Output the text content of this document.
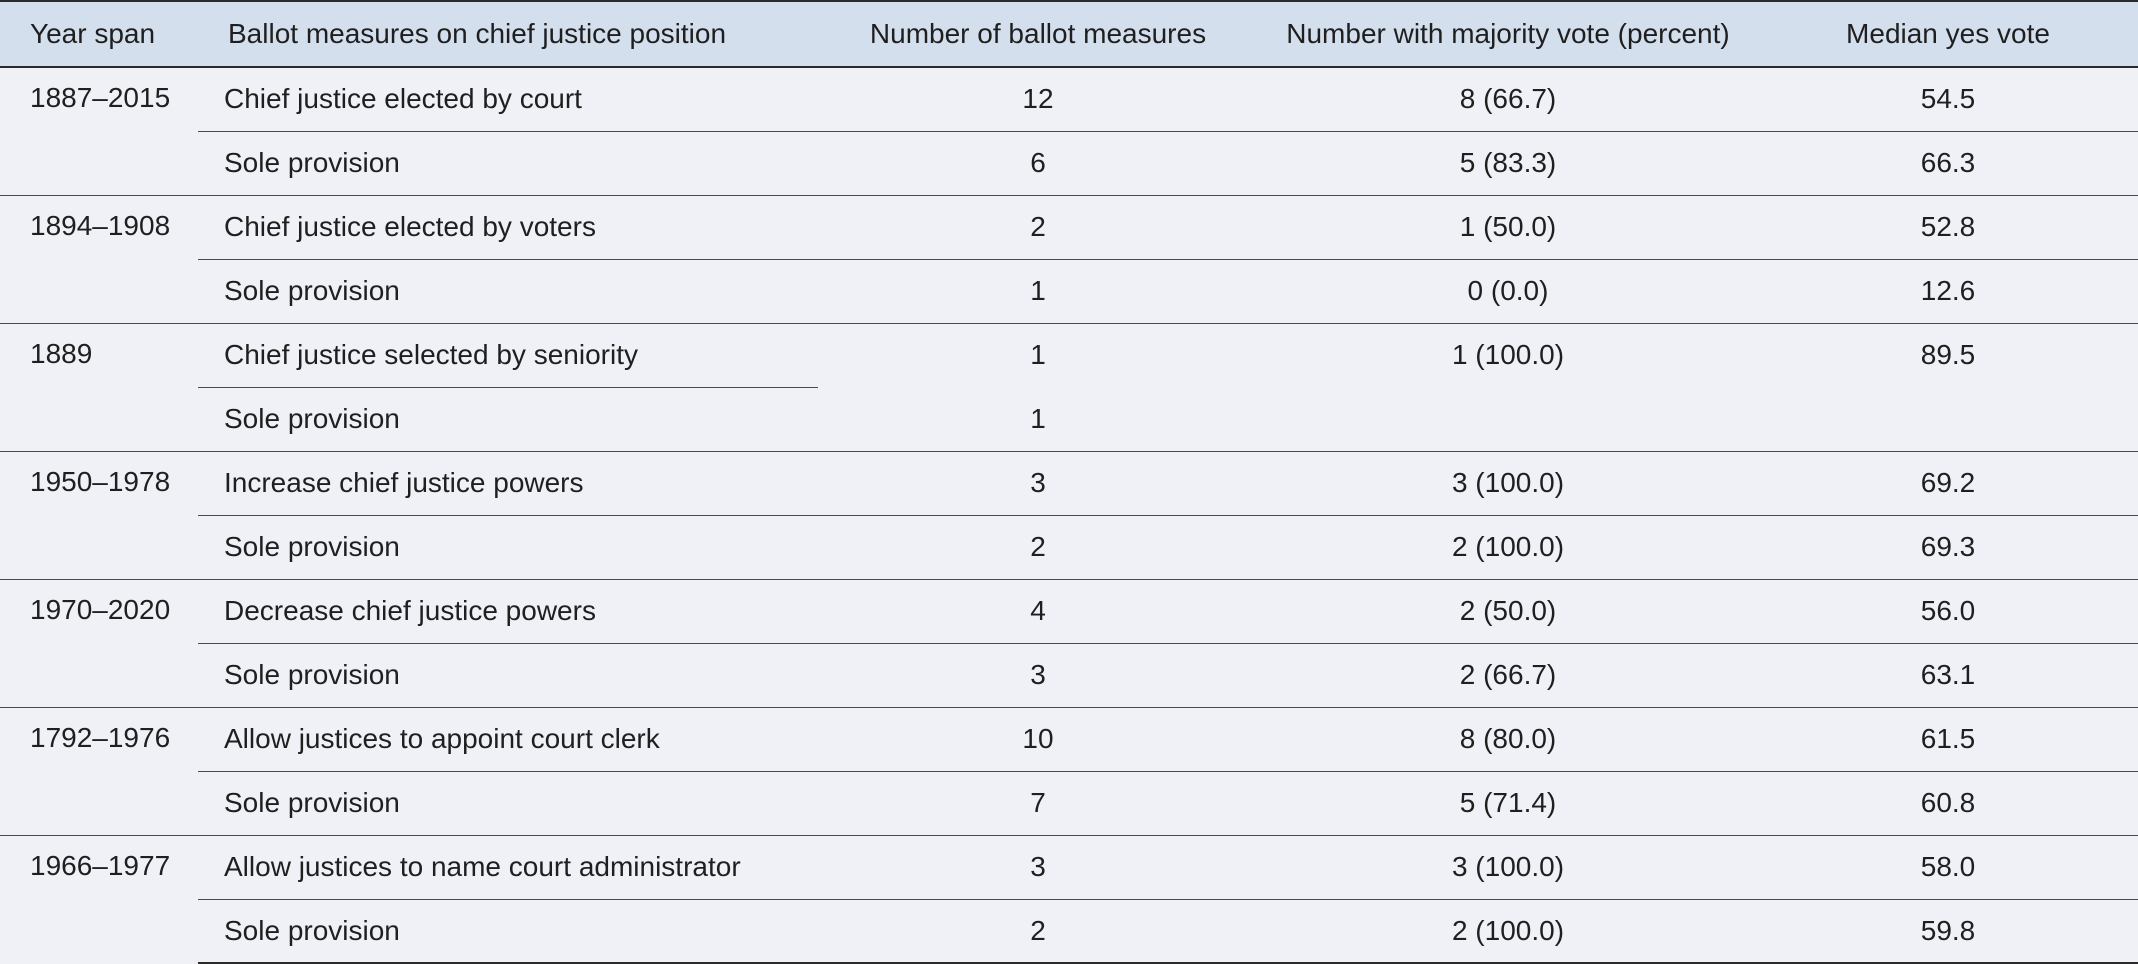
Year span	Ballot measures on chief justice position	Number of ballot measures	Number with majority vote (percent)	Median yes vote
1887–2015	Chief justice elected by court	12	8 (66.7)	54.5
	Sole provision	6	5 (83.3)	66.3
1894–1908	Chief justice elected by voters	2	1 (50.0)	52.8
	Sole provision	1	0 (0.0)	12.6
1889	Chief justice selected by seniority	1	1 (100.0)	89.5
	Sole provision	1		
1950–1978	Increase chief justice powers	3	3 (100.0)	69.2
	Sole provision	2	2 (100.0)	69.3
1970–2020	Decrease chief justice powers	4	2 (50.0)	56.0
	Sole provision	3	2 (66.7)	63.1
1792–1976	Allow justices to appoint court clerk	10	8 (80.0)	61.5
	Sole provision	7	5 (71.4)	60.8
1966–1977	Allow justices to name court administrator	3	3 (100.0)	58.0
	Sole provision	2	2 (100.0)	59.8
